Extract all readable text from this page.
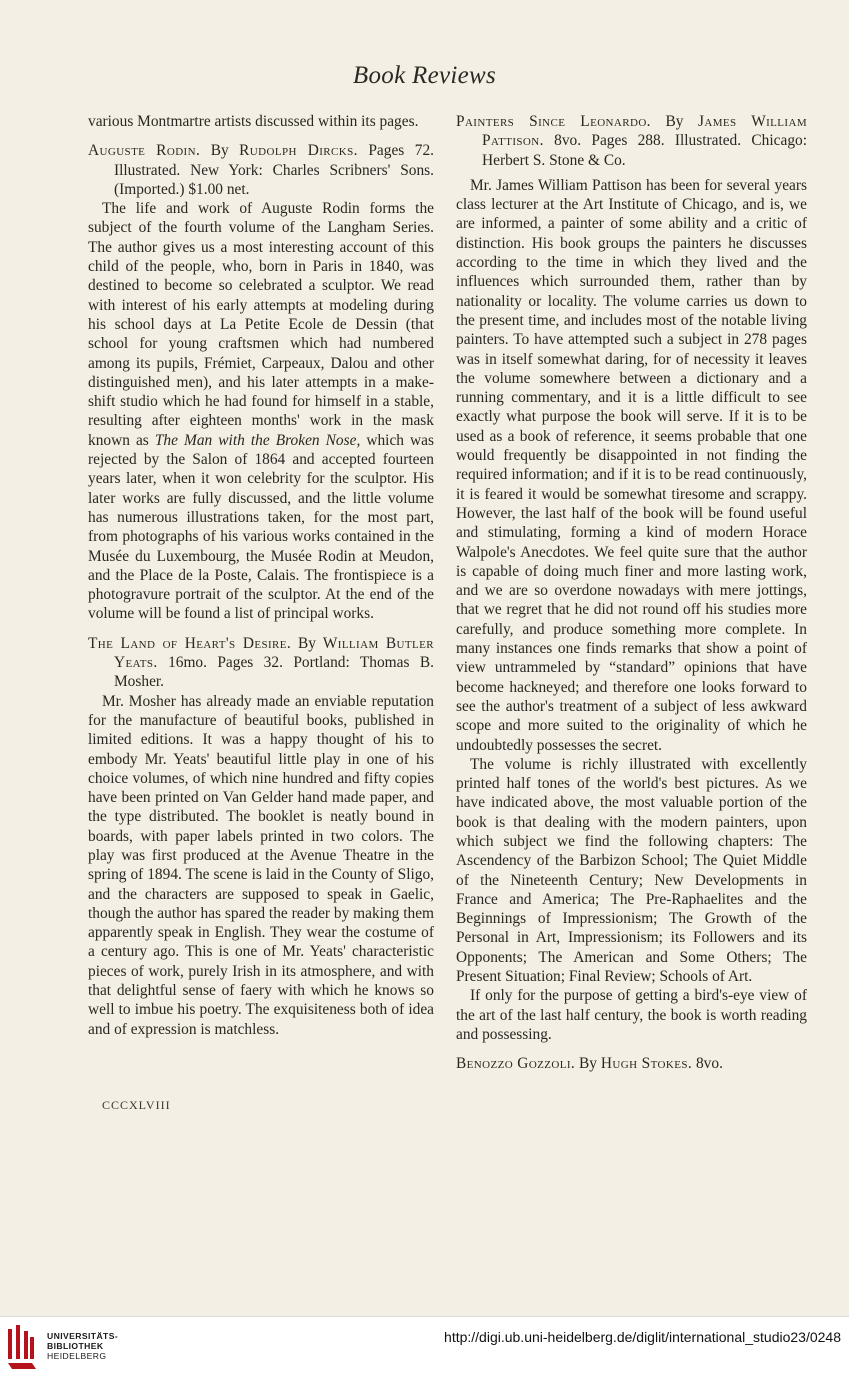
Book Reviews

various Montmartre artists discussed within its pages.

Auguste Rodin. By Rudolph Dircks. Pages 72. Illustrated. New York: Charles Scribners' Sons. (Imported.) $1.00 net.

The life and work of Auguste Rodin forms the subject of the fourth volume of the Langham Series. The author gives us a most interesting account of this child of the people, who, born in Paris in 1840, was destined to become so celebrated a sculptor. We read with interest of his early attempts at modeling during his school days at La Petite Ecole de Dessin (that school for young craftsmen which had numbered among its pupils, Frémiet, Carpeaux, Dalou and other distinguished men), and his later attempts in a make-shift studio which he had found for himself in a stable, resulting after eighteen months' work in the mask known as The Man with the Broken Nose, which was rejected by the Salon of 1864 and accepted fourteen years later, when it won celebrity for the sculptor. His later works are fully discussed, and the little volume has numerous illustrations taken, for the most part, from photographs of his various works contained in the Musée du Luxembourg, the Musée Rodin at Meudon, and the Place de la Poste, Calais. The frontispiece is a photogravure portrait of the sculptor. At the end of the volume will be found a list of principal works.

The Land of Heart's Desire. By William Butler Yeats. 16mo. Pages 32. Portland: Thomas B. Mosher.

Mr. Mosher has already made an enviable reputation for the manufacture of beautiful books, published in limited editions. It was a happy thought of his to embody Mr. Yeats' beautiful little play in one of his choice volumes, of which nine hundred and fifty copies have been printed on Van Gelder hand made paper, and the type distributed. The booklet is neatly bound in boards, with paper labels printed in two colors. The play was first produced at the Avenue Theatre in the spring of 1894. The scene is laid in the County of Sligo, and the characters are supposed to speak in Gaelic, though the author has spared the reader by making them apparently speak in English. They wear the costume of a century ago. This is one of Mr. Yeats' characteristic pieces of work, purely Irish in its atmosphere, and with that delightful sense of faery with which he knows so well to imbue his poetry. The exquisiteness both of idea and of expression is matchless.

CCCXLVIII

Painters Since Leonardo. By James William Pattison. 8vo. Pages 288. Illustrated. Chicago: Herbert S. Stone & Co.

Mr. James William Pattison has been for several years class lecturer at the Art Institute of Chicago, and is, we are informed, a painter of some ability and a critic of distinction. His book groups the painters he discusses according to the time in which they lived and the influences which surrounded them, rather than by nationality or locality. The volume carries us down to the present time, and includes most of the notable living painters. To have attempted such a subject in 278 pages was in itself somewhat daring, for of necessity it leaves the volume somewhere between a dictionary and a running commentary, and it is a little difficult to see exactly what purpose the book will serve. If it is to be used as a book of reference, it seems probable that one would frequently be disappointed in not finding the required information; and if it is to be read continuously, it is feared it would be somewhat tiresome and scrappy. However, the last half of the book will be found useful and stimulating, forming a kind of modern Horace Walpole's Anecdotes. We feel quite sure that the author is capable of doing much finer and more lasting work, and we are so overdone nowadays with mere jottings, that we regret that he did not round off his studies more carefully, and produce something more complete. In many instances one finds remarks that show a point of view untrammeled by “standard” opinions that have become hackneyed; and therefore one looks forward to see the author's treatment of a subject of less awkward scope and more suited to the originality of which he undoubtedly possesses the secret.

The volume is richly illustrated with excellently printed half tones of the world's best pictures. As we have indicated above, the most valuable portion of the book is that dealing with the modern painters, upon which subject we find the following chapters: The Ascendency of the Barbizon School; The Quiet Middle of the Nineteenth Century; New Developments in France and America; The Pre-Raphaelites and the Beginnings of Impressionism; The Growth of the Personal in Art, Impressionism; its Followers and its Opponents; The American and Some Others; The Present Situation; Final Review; Schools of Art.

If only for the purpose of getting a bird's-eye view of the art of the last half century, the book is worth reading and possessing.

Benozzo Gozzoli. By Hugh Stokes. 8vo.

UNIVERSITÄTS-
BIBLIOTHEK
HEIDELBERG
http://digi.ub.uni-heidelberg.de/diglit/international_studio23/0248
